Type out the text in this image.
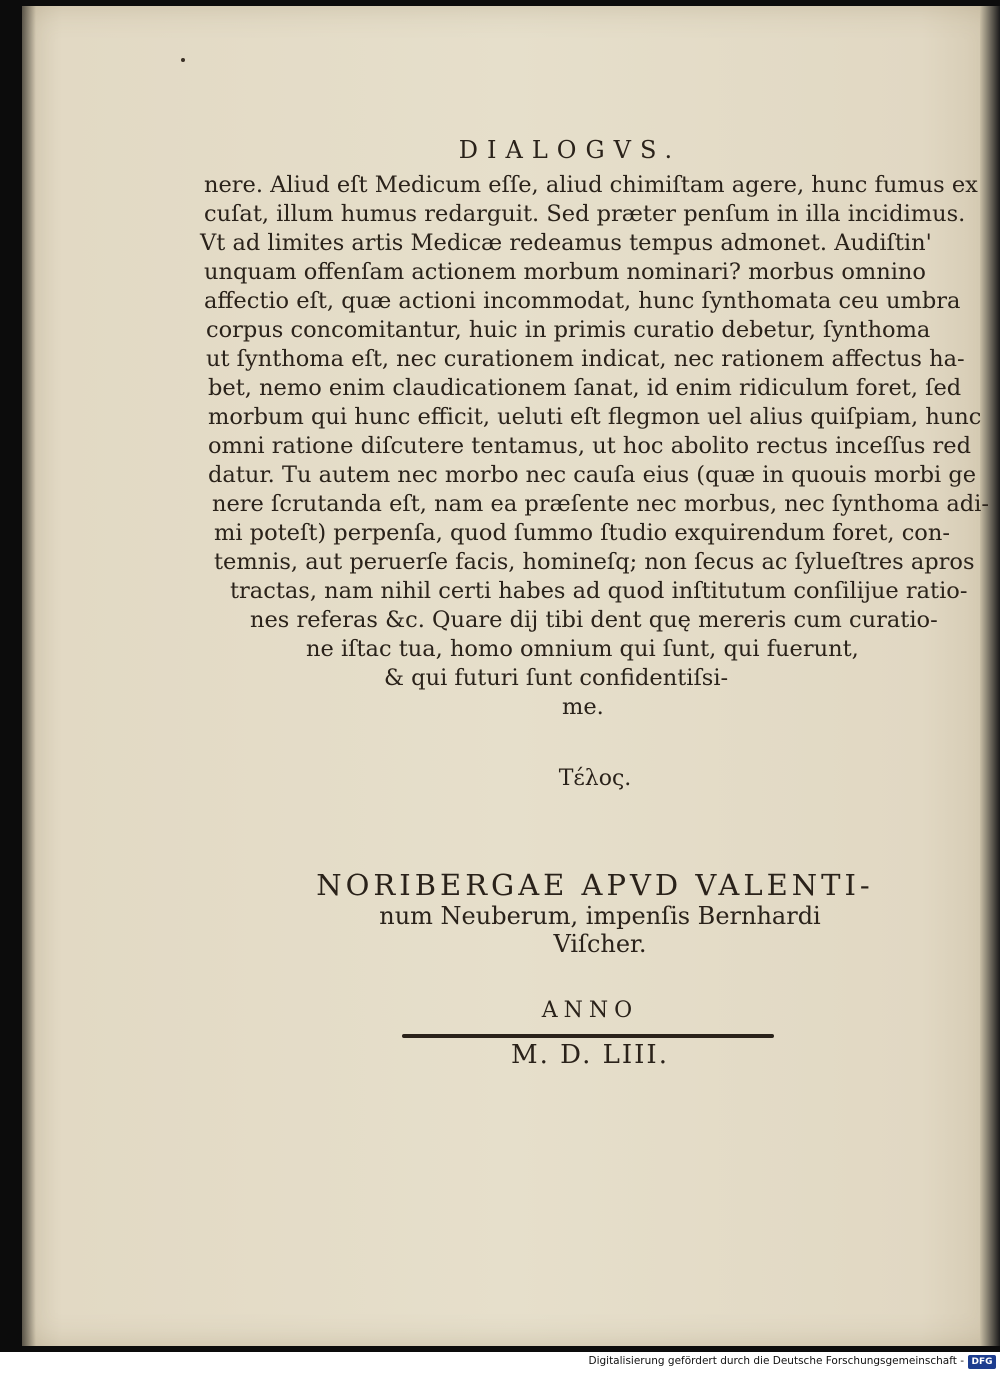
DIALOGVS.
nere. Aliud eſt Medicum eſſe, aliud chimiſtam agere, hunc fumus ex
cuſat, illum humus redarguit. Sed præter penſum in illa incidimus.
Vt ad limites artis Medicæ redeamus tempus admonet. Audiſtin'
unquam offenſam actionem morbum nominari? morbus omnino
affectio eſt, quæ actioni incommodat, hunc ſynthomata ceu umbra
corpus concomitantur, huic in primis curatio debetur, ſynthoma
ut ſynthoma eſt, nec curationem indicat, nec rationem affectus ha-
bet, nemo enim claudicationem ſanat, id enim ridiculum foret, ſed
morbum qui hunc efficit, ueluti eſt flegmon uel alius quiſpiam, hunc
omni ratione diſcutere tentamus, ut hoc abolito rectus inceſſus red
datur. Tu autem nec morbo nec cauſa eius (quæ in quouis morbi ge
nere ſcrutanda eſt, nam ea præſente nec morbus, nec ſynthoma adi-
mi poteſt) perpenſa, quod ſummo ſtudio exquirendum foret, con-
temnis, aut peruerſe facis, homineſq; non ſecus ac ſylueſtres apros
tractas, nam nihil certi habes ad quod inſtitutum conſilijue ratio-
nes referas &c. Quare dij tibi dent quę mereris cum curatio-
ne iſtac tua, homo omnium qui ſunt, qui fuerunt,
& qui futuri ſunt confidentiſsi-
me.
Τέλος.
NORIBERGAE APVD VALENTI-
num Neuberum, impenſis Bernhardi
Viſcher.
ANNO
M. D. LIII.
Digitalisierung gefördert durch die Deutsche Forschungsgemeinschaft - DFG
